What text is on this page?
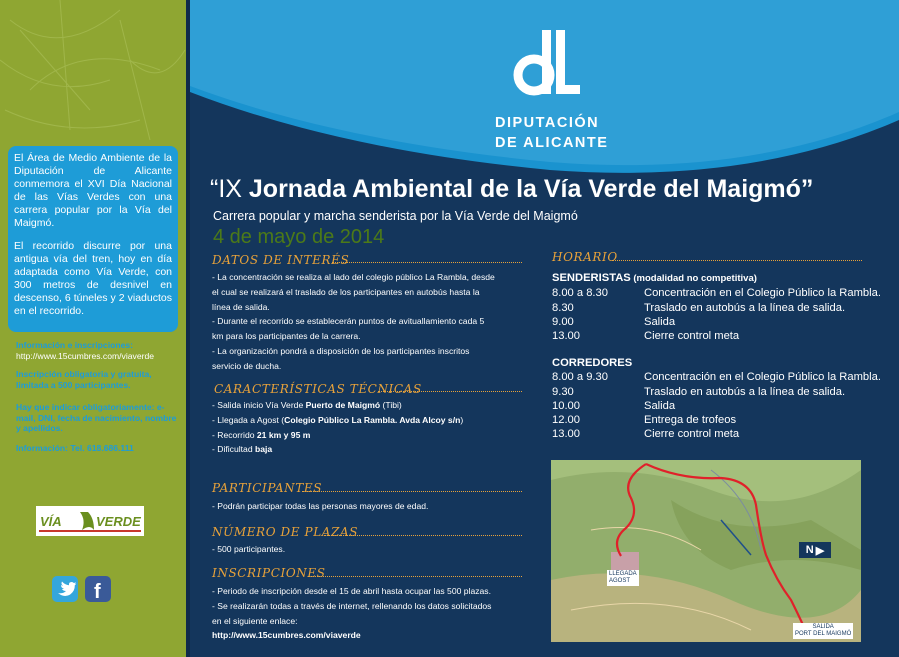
El Área de Medio Ambiente de la Diputación de Alicante conmemora el XVI Día Nacional de las Vías Verdes con una carrera popular por la Vía del Maigmó.

El recorrido discurre por una antigua vía del tren, hoy en día adaptada como Vía Verde, con 300 metros de desnivel en descenso, 6 túneles y 2 viaductos en el recorrido.

Información e inscripciones:
http://www.15cumbres.com/viaverde
Inscripción obligatoria y gratuita, limitada a 500 participantes.
Hay que indicar obligatoriamente: e-mail, DNI, fecha de nacimiento, nombre y apellidos.
Información: Tel. 618.686.111
VÍA	VERDE
f
DIPUTACIÓN
DE ALICANTE
“IX Jornada Ambiental de la Vía Verde del Maigmó”
Carrera popular y marcha senderista por la Vía Verde del Maigmó
4 de mayo de 2014
DATOS DE INTERÉS
- La concentración se realiza al lado del colegio público La Rambla, desde
el cual se realizará el traslado de los participantes en autobús hasta la
línea de salida.
- Durante el recorrido se establecerán puntos de avituallamiento cada 5
km para los participantes de la carrera.
- La organización pondrá a disposición de los participantes inscritos
servicio de ducha.
CARACTERÍSTICAS TÉCNICAS
- Salida inicio Vía Verde Puerto de Maigmó (Tibi)
- Llegada a Agost (Colegio Público La Rambla. Avda Alcoy s/n)
- Recorrido 21 km y 95 m
- Dificultad baja
PARTICIPANTES
- Podrán participar todas las personas mayores de edad.
NÚMERO DE PLAZAS
- 500 participantes.
INSCRIPCIONES
- Periodo de inscripción desde el 15 de abril hasta ocupar las 500 plazas.
- Se realizarán todas a través de internet, rellenando los datos solicitados
en el siguiente enlace:
http://www.15cumbres.com/viaverde
HORARIO
SENDERISTAS (modalidad no competitiva)
8.00 a 8.30	Concentración en el Colegio Público la Rambla.
8.30	Traslado en autobús a la línea de salida.
9.00	Salida
13.00	Cierre control meta
CORREDORES
8.00 a 9.30	Concentración en el Colegio Público la Rambla.
9.30	Traslado en autobús a la línea de salida.
10.00	Salida
12.00	Entrega de trofeos
13.00	Cierre control meta
LLEGADA
AGOST
SALIDA
PORT DEL MAIGMÓ
N ▶
